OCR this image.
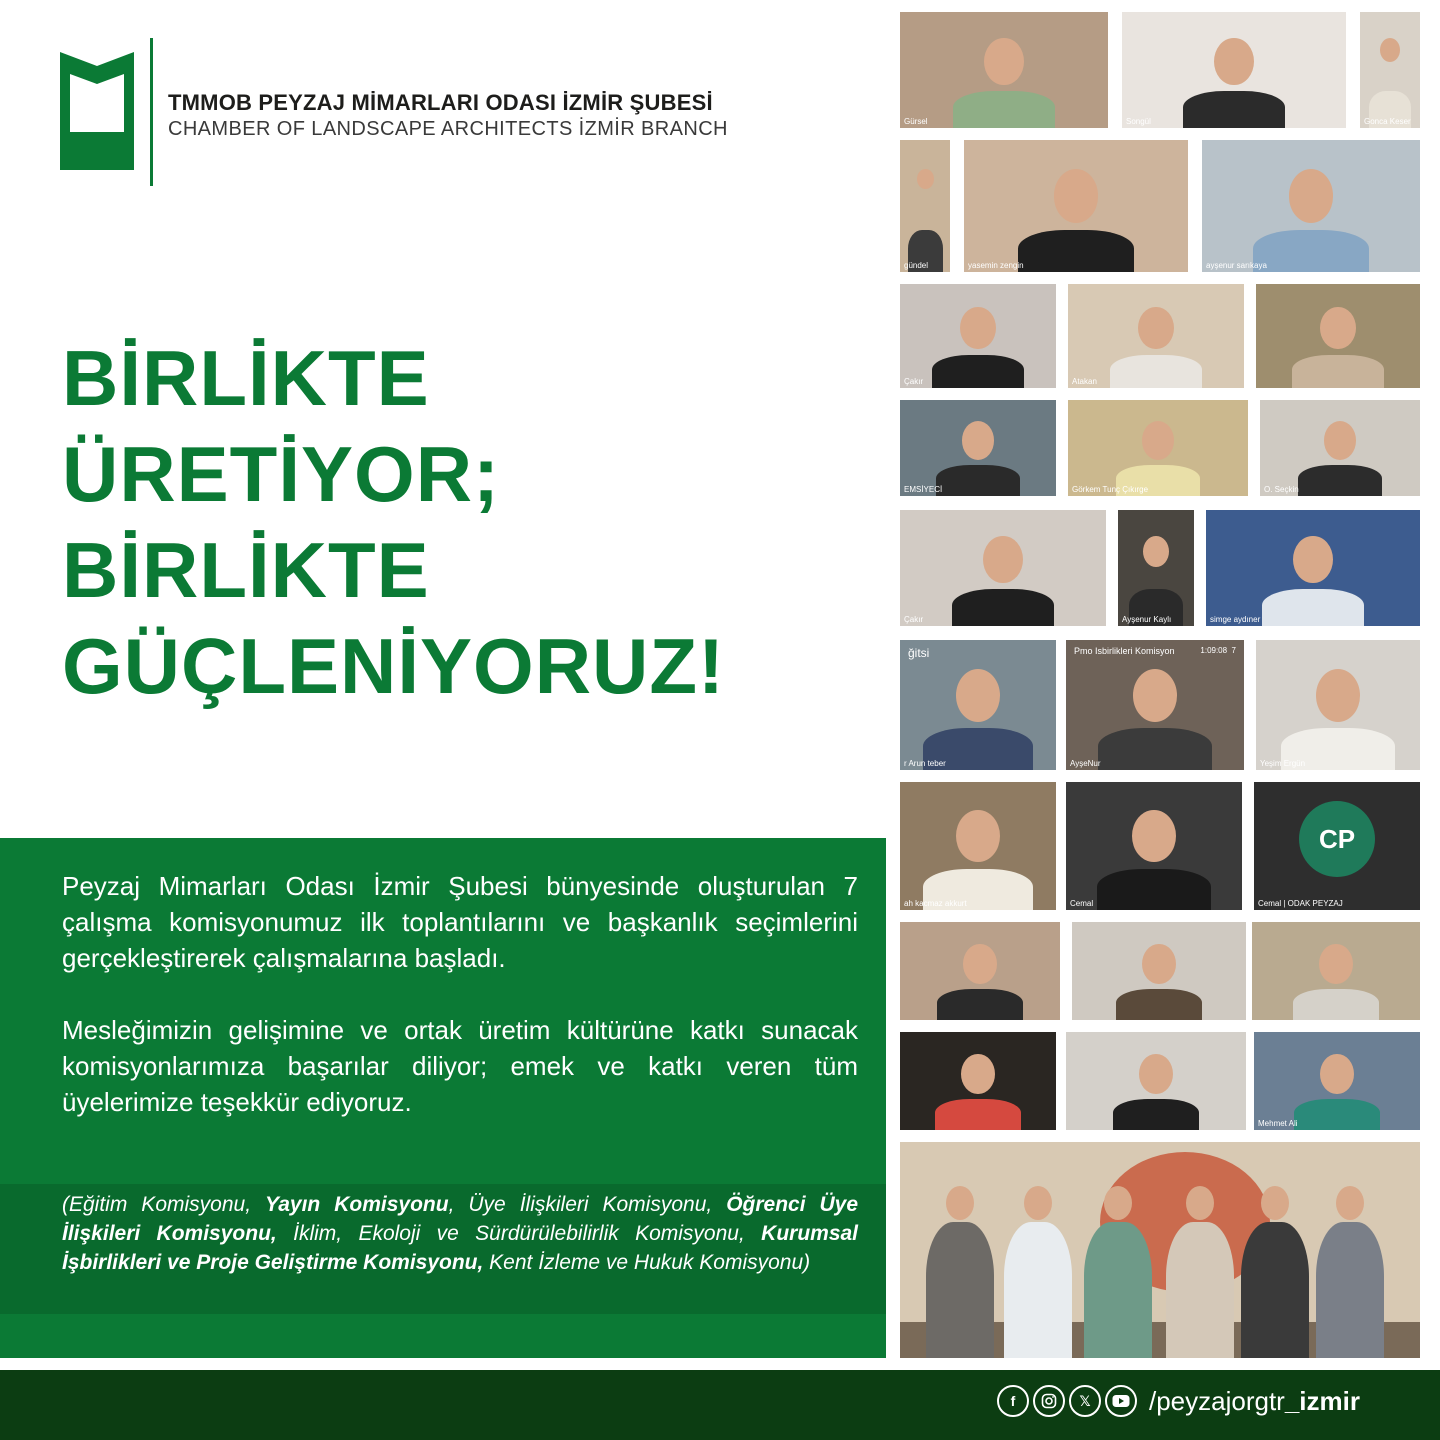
TMMOB PEYZAJ MİMARLARI ODASI İZMİR ŞUBESİ
CHAMBER OF LANDSCAPE ARCHITECTS İZMİR BRANCH
BİRLİKTE
ÜRETİYOR;
BİRLİKTE
GÜÇLENİYORUZ!

Peyzaj Mimarları Odası İzmir Şubesi bünyesinde oluşturulan 7 çalışma komisyonumuz ilk toplantılarını ve başkanlık seçimlerini gerçekleştirerek çalışmalarına başladı.

Mesleğimizin gelişimine ve ortak üretim kültürüne katkı sunacak komisyonlarımıza başarılar diliyor; emek ve katkı veren tüm üyelerimize teşekkür ediyoruz.

(Eğitim Komisyonu, Yayın Komisyonu, Üye İlişkileri Komisyonu, Öğrenci Üye İlişkileri Komisyonu, İklim, Ekoloji ve Sürdürülebilirlik Komisyonu, Kurumsal İşbirlikleri ve Proje Geliştirme Komisyonu, Kent İzleme ve Hukuk Komisyonu)
Gürsel	Songül	Gonca Keser
gündel	yasemin zengin	ayşenur sarıkaya
Çakır	Atakan
EMSİYECİ	Görkem Tunç Çıkırge	O. Seçkin
Çakır	Ayşenur Kaylı	simge aydıner
ğitsi
r Arun teber
Pmo Isbirlikleri Komisyon	1:09:08 7
AyşeNur	Yeşim Ergün
ah kacmaz akkurt	Cemal
CP
Cemal | ODAK PEYZAJ
Mehmet Ali
f	𝕏	/peyzajorgtr_izmir
